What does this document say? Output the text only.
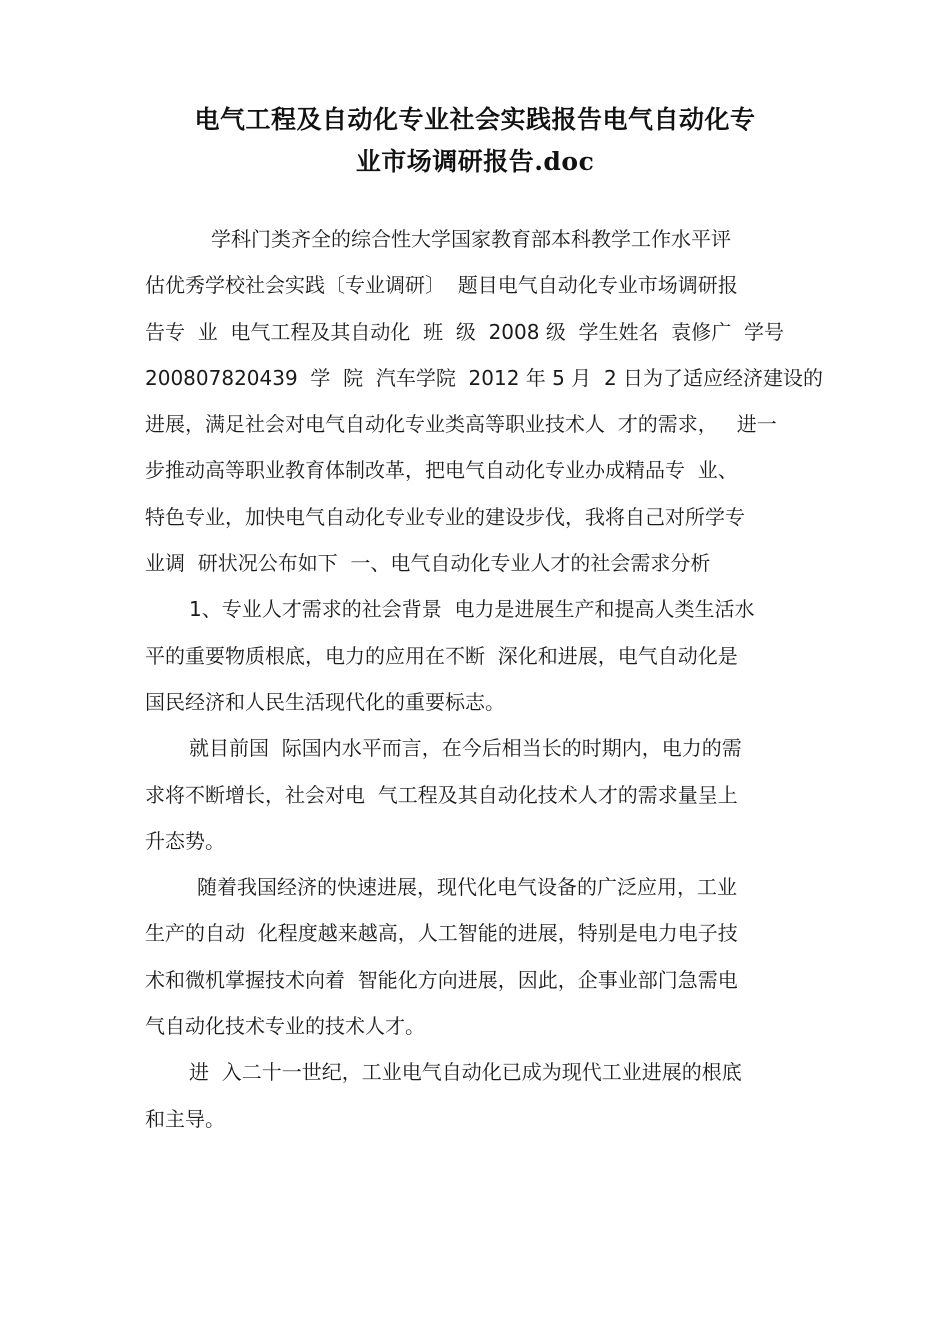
电气工程及自动化专业社会实践报告电气自动化专
业市场调研报告.doc
学科门类齐全的综合性大学国家教育部本科教学工作水平评
估优秀学校社会实践〔专业调研〕  题目电气自动化专业市场调研报
告专  业  电气工程及其自动化  班  级  2008 级  学生姓名  袁修广  学号
200807820439  学  院  汽车学院  2012 年 5 月  2 日为了适应经济建设的
进展，满足社会对电气自动化专业类高等职业技术人  才的需求，   进一
步推动高等职业教育体制改革，把电气自动化专业办成精品专  业、
特色专业，加快电气自动化专业专业的建设步伐，我将自己对所学专
业调  研状况公布如下  一、电气自动化专业人才的社会需求分析
1、专业人才需求的社会背景  电力是进展生产和提高人类生活水
平的重要物质根底，电力的应用在不断  深化和进展，电气自动化是
国民经济和人民生活现代化的重要标志。
就目前国  际国内水平而言，在今后相当长的时期内，电力的需
求将不断增长，社会对电  气工程及其自动化技术人才的需求量呈上
升态势。
随着我国经济的快速进展，现代化电气设备的广泛应用，工业
生产的自动  化程度越来越高，人工智能的进展，特别是电力电子技
术和微机掌握技术向着  智能化方向进展，因此，企事业部门急需电
气自动化技术专业的技术人才。
进  入二十一世纪，工业电气自动化已成为现代工业进展的根底
和主导。
